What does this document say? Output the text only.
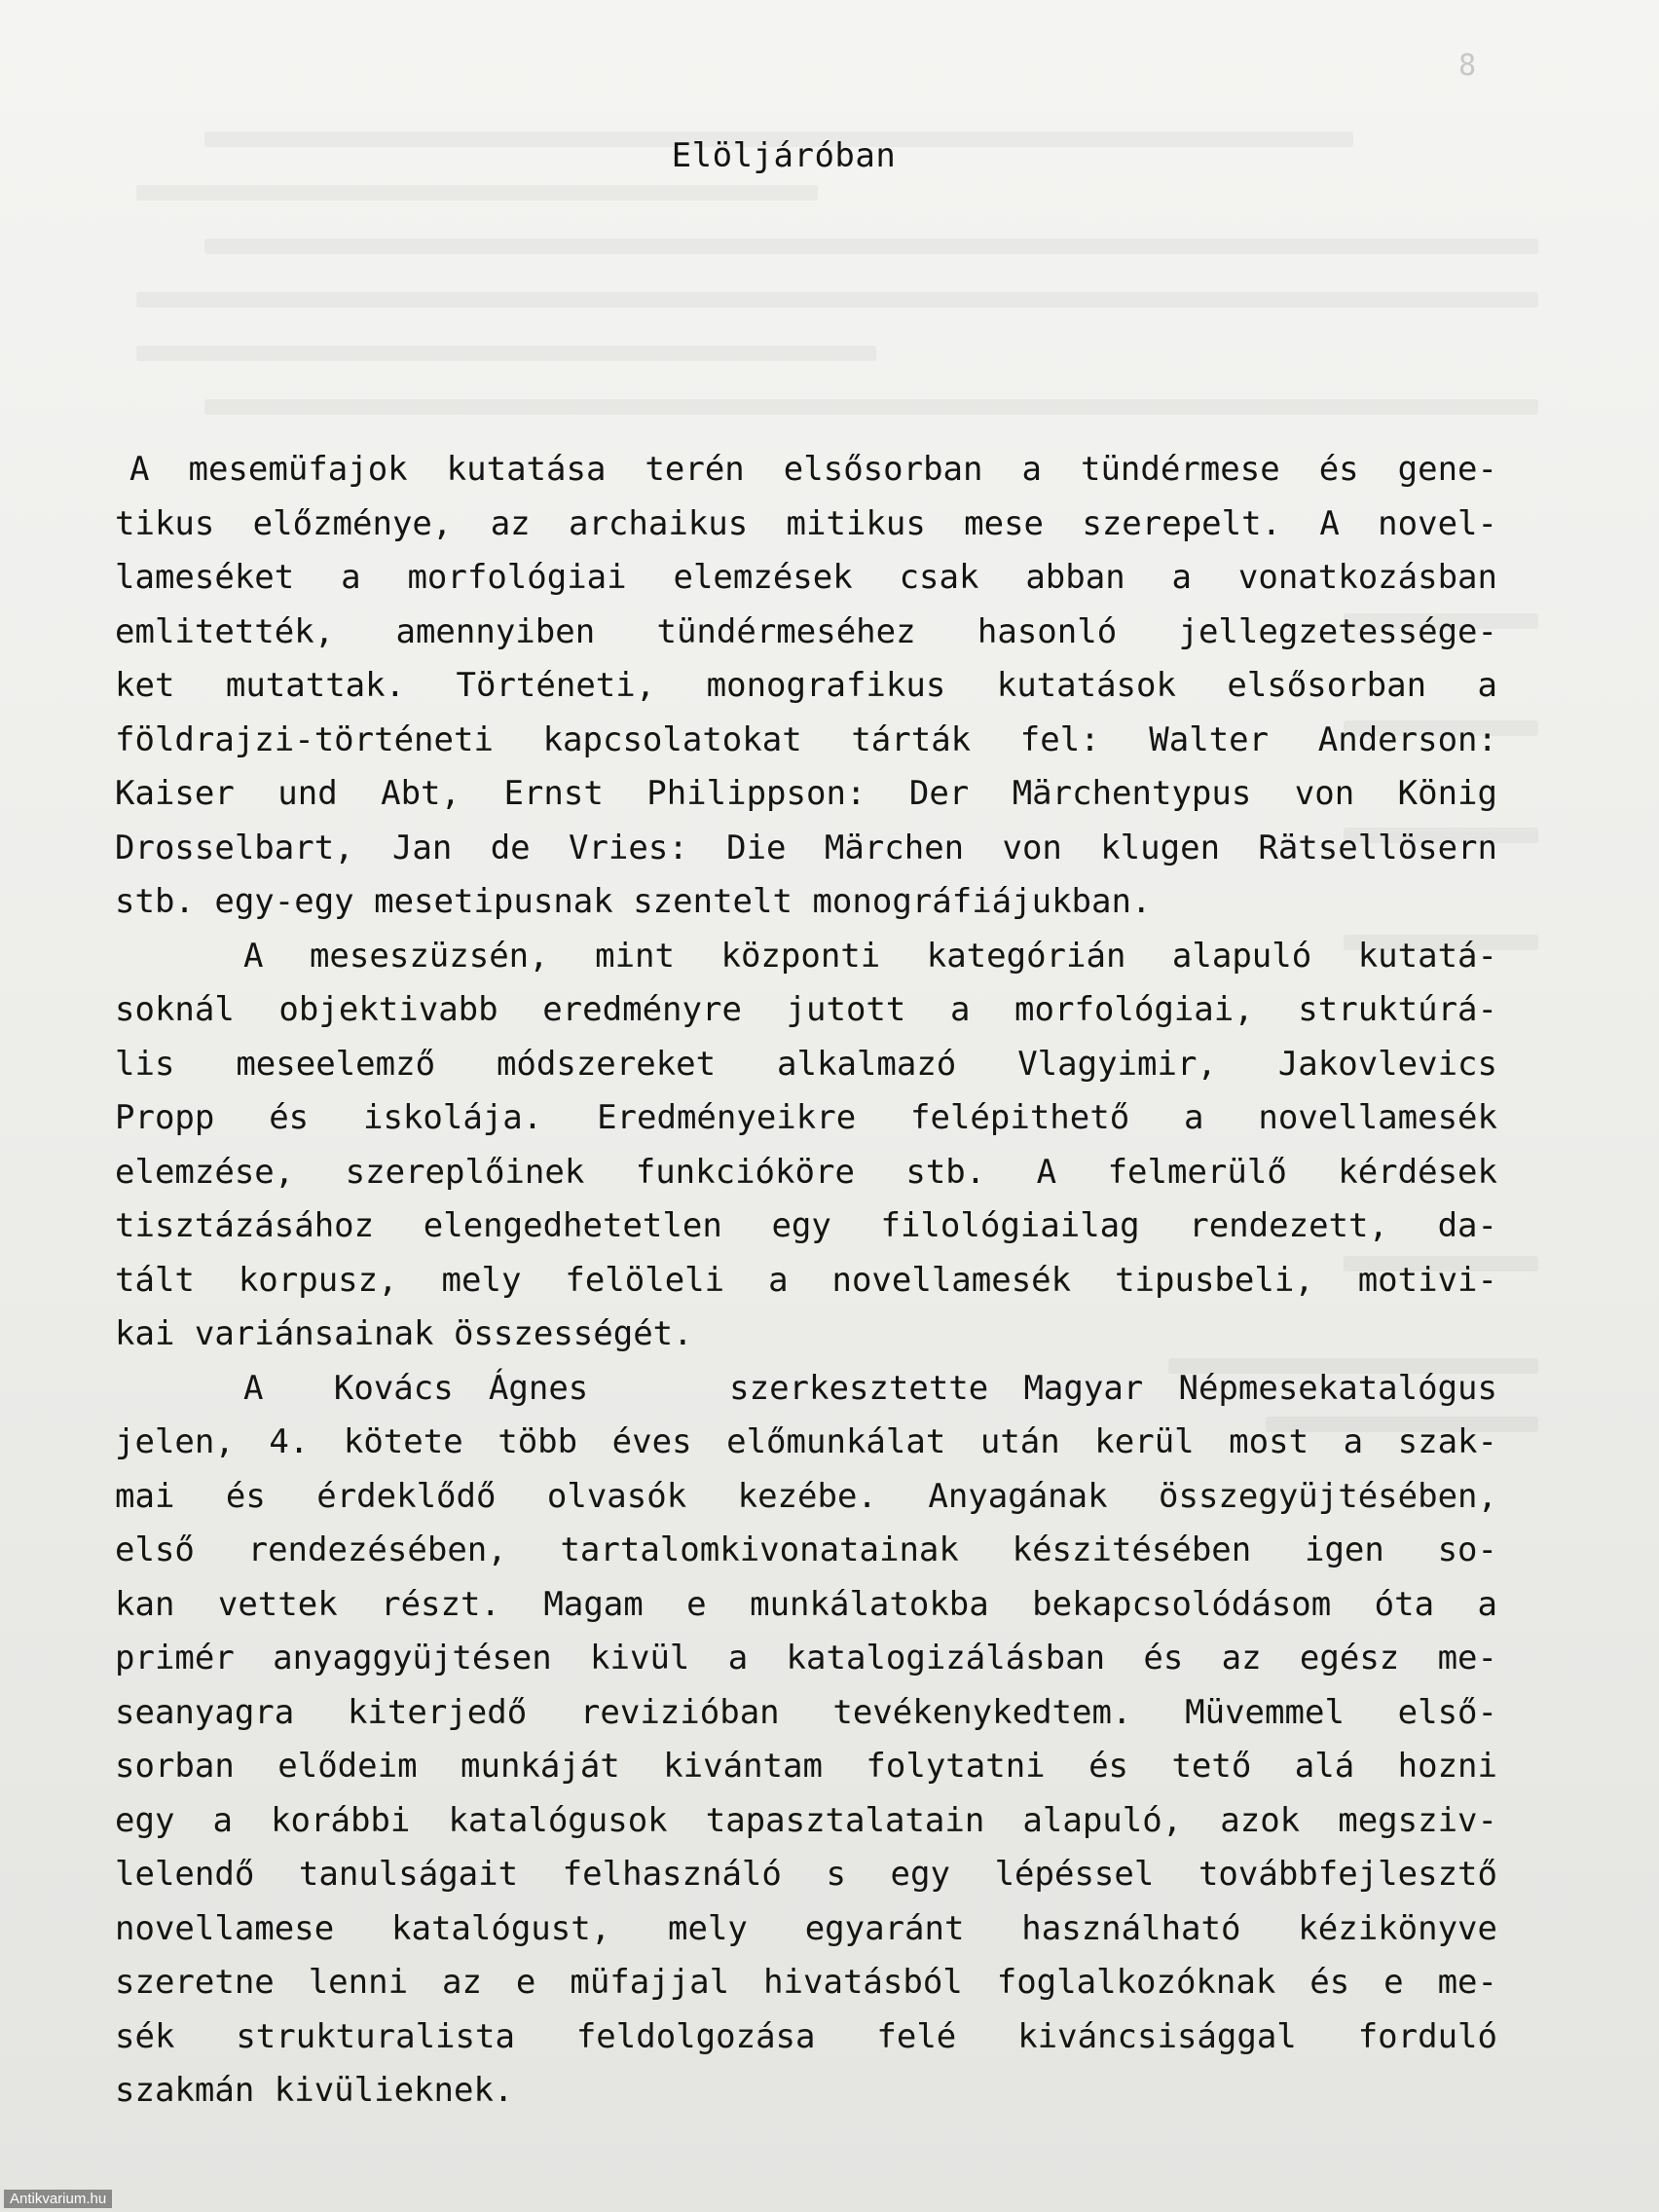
8
Elöljáróban
A mesemüfajok kutatása terén elsősorban a tündérmese és gene-
tikus előzménye, az archaikus mitikus mese szerepelt. A novel-
lameséket a morfológiai elemzések csak abban a vonatkozásban
emlitették, amennyiben tündérmeséhez hasonló jellegzetessége-
ket mutattak. Történeti, monografikus kutatások elsősorban a
földrajzi-történeti kapcsolatokat tárták fel: Walter Anderson:
Kaiser und Abt, Ernst Philippson: Der Märchentypus von König
Drosselbart, Jan de Vries: Die Märchen von klugen Rätsellösern
stb. egy-egy mesetipusnak szentelt monográfiájukban.
A meseszüzsén, mint központi kategórián alapuló kutatá-
soknál objektivabb eredményre jutott a morfológiai, struktúrá-
lis meseelemző módszereket alkalmazó Vlagyimir, Jakovlevics
Propp és iskolája. Eredményeikre felépithető a novellamesék
elemzése, szereplőinek funkcióköre stb. A felmerülő kérdések
tisztázásához elengedhetetlen egy filológiailag rendezett, da-
tált korpusz, mely felöleli a novellamesék tipusbeli, motivi-
kai variánsainak összességét.
A  Kovács Ágnes    szerkesztette Magyar Népmesekatalógus
jelen, 4. kötete több éves előmunkálat után kerül most a szak-
mai és érdeklődő olvasók kezébe. Anyagának összegyüjtésében,
első rendezésében, tartalomkivonatainak készitésében igen so-
kan vettek részt. Magam e munkálatokba bekapcsolódásom óta a
primér anyaggyüjtésen kivül a katalogizálásban és az egész me-
seanyagra kiterjedő revizióban tevékenykedtem. Müvemmel első-
sorban elődeim munkáját kivántam folytatni és tető alá hozni
egy a korábbi katalógusok tapasztalatain alapuló, azok megsziv-
lelendő tanulságait felhasználó s egy lépéssel továbbfejlesztő
novellamese katalógust, mely egyaránt használható kézikönyve
szeretne lenni az e müfajjal hivatásból foglalkozóknak és e me-
sék strukturalista feldolgozása felé kiváncsisággal forduló
szakmán kivülieknek.
Antikvarium.hu
